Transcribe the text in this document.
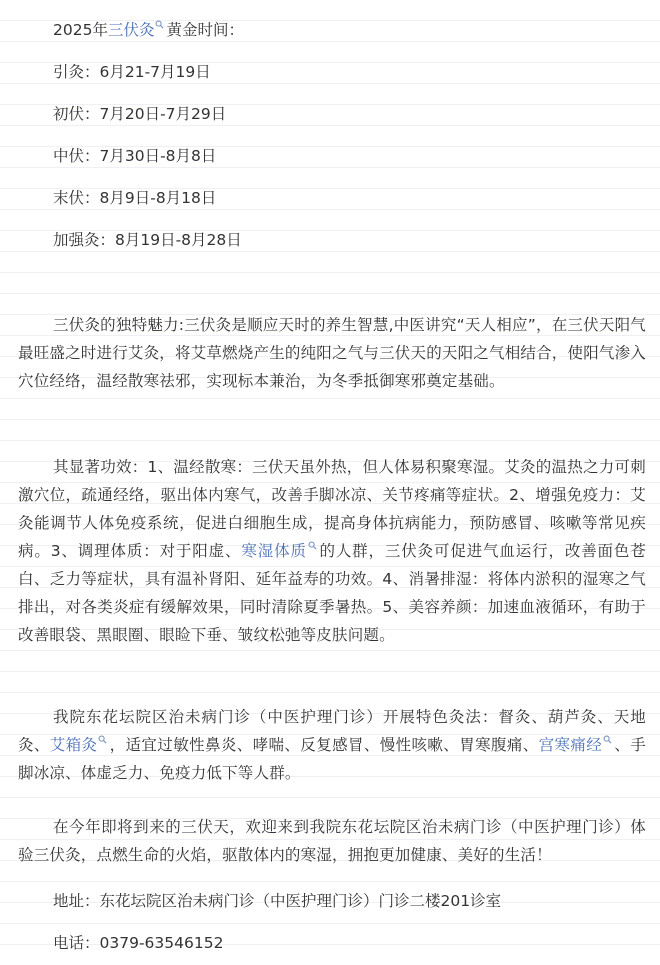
2025年三伏灸 黄金时间：
引灸：6月21-7月19日
初伏：7月20日-7月29日
中伏：7月30日-8月8日
末伏：8月9日-8月18日
加强灸：8月19日-8月28日
三伏灸的独特魅力:三伏灸是顺应天时的养生智慧,中医讲究“天人相应”，在三伏天阳气最旺盛之时进行艾灸，将艾草燃烧产生的纯阳之气与三伏天的天阳之气相结合，使阳气渗入穴位经络，温经散寒祛邪，实现标本兼治，为冬季抵御寒邪奠定基础。
其显著功效：1、温经散寒：三伏天虽外热，但人体易积聚寒湿。艾灸的温热之力可刺激穴位，疏通经络，驱出体内寒气，改善手脚冰凉、关节疼痛等症状。2、增强免疫力：艾灸能调节人体免疫系统，促进白细胞生成，提高身体抗病能力，预防感冒、咳嗽等常见疾病。3、调理体质：对于阳虚、寒湿体质 的人群，三伏灸可促进气血运行，改善面色苍白、乏力等症状，具有温补肾阳、延年益寿的功效。4、消暑排湿：将体内淤积的湿寒之气排出，对各类炎症有缓解效果，同时清除夏季暑热。5、美容养颜：加速血液循环，有助于改善眼袋、黑眼圈、眼睑下垂、皱纹松弛等皮肤问题。
我院东花坛院区治未病门诊（中医护理门诊）开展特色灸法：督灸、葫芦灸、天地灸、艾箱灸 ，适宜过敏性鼻炎、哮喘、反复感冒、慢性咳嗽、胃寒腹痛、宫寒痛经 、手脚冰凉、体虚乏力、免疫力低下等人群。
在今年即将到来的三伏天，欢迎来到我院东花坛院区治未病门诊（中医护理门诊）体验三伏灸，点燃生命的火焰，驱散体内的寒湿，拥抱更加健康、美好的生活！
地址：东花坛院区治未病门诊（中医护理门诊）门诊二楼201诊室
电话：0379-63546152
